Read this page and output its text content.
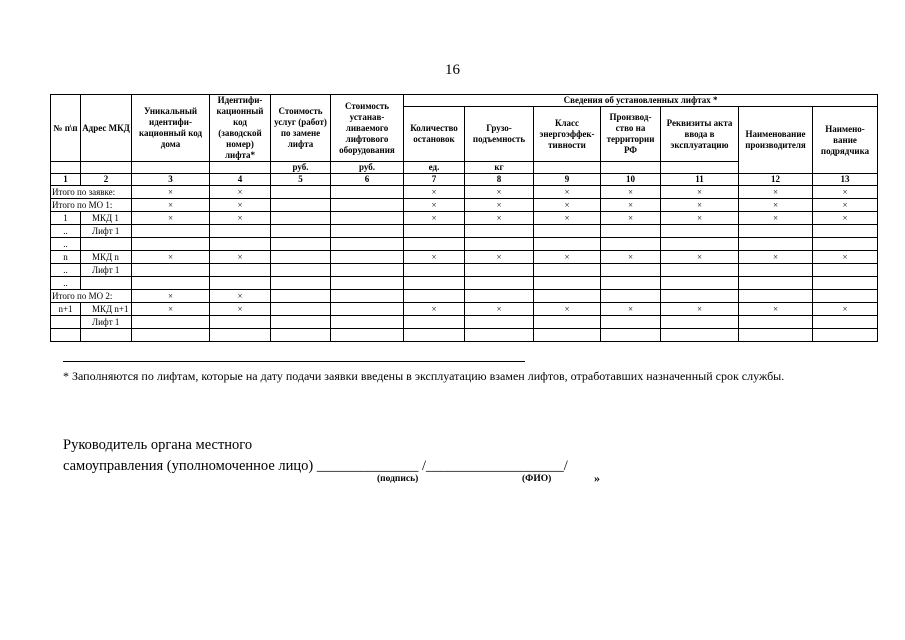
16
№ п\п	Адрес МКД	Уникальный идентифи-кационный код дома	Идентифи-кационный код (заводской номер) лифта*	Стоимость услуг (работ) по замене лифта	Стоимость устанав-ливаемого лифтового оборудования	Сведения об установленных лифтах *						
						Количество остановок	Грузо-подъемность	Класс энергоэффек-тивности	Производ-ство на территории РФ	Реквизиты акта ввода в эксплуатацию	Наименование производителя	Наимено-вание подрядчика
				руб.	руб.	ед.	кг					
1	2	3	4	5	6	7	8	9	10	11	12	13
Итого по заявке:		×	×			×	×	×	×	×	×	×
Итого по МО 1:		×	×			×	×	×	×	×	×	×
1	МКД 1	×	×			×	×	×	×	×	×	×
..	Лифт 1											
..												
n	МКД n	×	×			×	×	×	×	×	×	×
..	Лифт 1											
..												
Итого по МО 2:		×	×									
n+1	МКД n+1	×	×			×	×	×	×	×	×	×
	Лифт 1											

* Заполняются по лифтам, которые на дату подачи заявки введены в эксплуатацию взамен лифтов, отработавших назначенный срок службы.
Руководитель органа местного
самоуправления (уполномоченное лицо) ______________ /___________________/
(подпись)	(ФИО)	»
